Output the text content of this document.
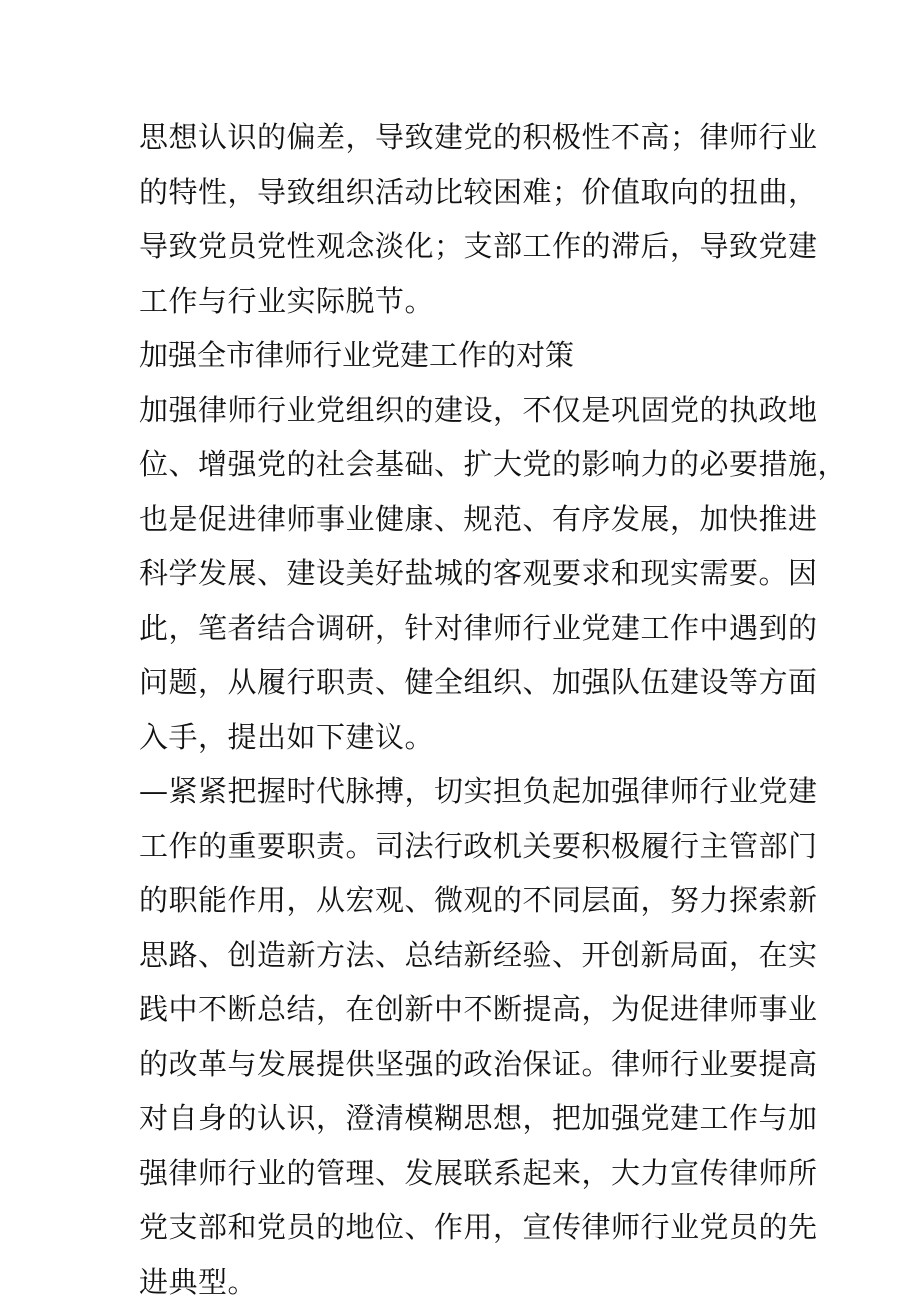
思想认识的偏差，导致建党的积极性不高；律师行业
的特性，导致组织活动比较困难；价值取向的扭曲，
导致党员党性观念淡化；支部工作的滞后，导致党建
工作与行业实际脱节。
加强全市律师行业党建工作的对策
加强律师行业党组织的建设，不仅是巩固党的执政地
位、增强党的社会基础、扩大党的影响力的必要措施，
也是促进律师事业健康、规范、有序发展，加快推进
科学发展、建设美好盐城的客观要求和现实需要。因
此，笔者结合调研，针对律师行业党建工作中遇到的
问题，从履行职责、健全组织、加强队伍建设等方面
入手，提出如下建议。
—紧紧把握时代脉搏，切实担负起加强律师行业党建
工作的重要职责。司法行政机关要积极履行主管部门
的职能作用，从宏观、微观的不同层面，努力探索新
思路、创造新方法、总结新经验、开创新局面，在实
践中不断总结，在创新中不断提高，为促进律师事业
的改革与发展提供坚强的政治保证。律师行业要提高
对自身的认识，澄清模糊思想，把加强党建工作与加
强律师行业的管理、发展联系起来，大力宣传律师所
党支部和党员的地位、作用，宣传律师行业党员的先
进典型。
